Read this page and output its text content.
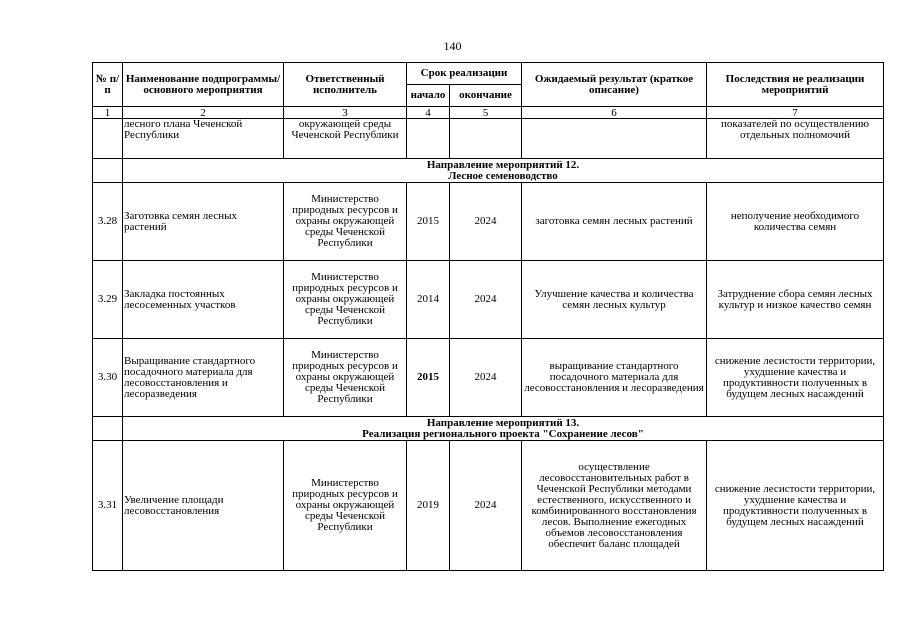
140
№ п/п	Наименование подпрограммы/ основного мероприятия	Ответственный исполнитель	Срок реализации		Ожидаемый результат (краткое описание)	Последствия не реализации мероприятий
			начало	окончание		
1	2	3	4	5	6	7
	лесного плана Чеченской Республики	окружающей среды Чеченской Республики				показателей по осуществлению отдельных полномочий

	Направление мероприятий 12.
Лесное семеноводство					

3.28	Заготовка семян лесных растений	Министерство природных ресурсов и охраны окружающей среды Чеченской Республики	2015	2024	заготовка семян лесных растений	неполучение необходимого количества семян
3.29	Закладка постоянных лесосеменных участков	Министерство природных ресурсов и охраны окружающей среды Чеченской Республики	2014	2024	Улучшение качества и количества семян лесных культур	Затруднение сбора семян лесных культур и низкое качество семян
3.30	Выращивание стандартного посадочного материала для лесовосстановления и лесоразведения	Министерство природных ресурсов и охраны окружающей среды Чеченской Республики	2015	2024	выращивание стандартного посадочного материала для лесовосстановления и лесоразведения	снижение лесистости территории, ухудшение качества и продуктивности полученных в будущем лесных насаждений

	Направление мероприятий 13.
Реализация регионального проекта "Сохранение лесов"					

3.31	Увеличение площади лесовосстановления	Министерство природных ресурсов и охраны окружающей среды Чеченской Республики	2019	2024	осуществление лесовосстановительных работ в Чеченской Республики методами естественного, искусственного и комбинированного восстановления лесов. Выполнение ежегодных объемов лесовосстановления обеспечит баланс площадей	снижение лесистости территории, ухудшение качества и продуктивности полученных в будущем лесных насаждений
